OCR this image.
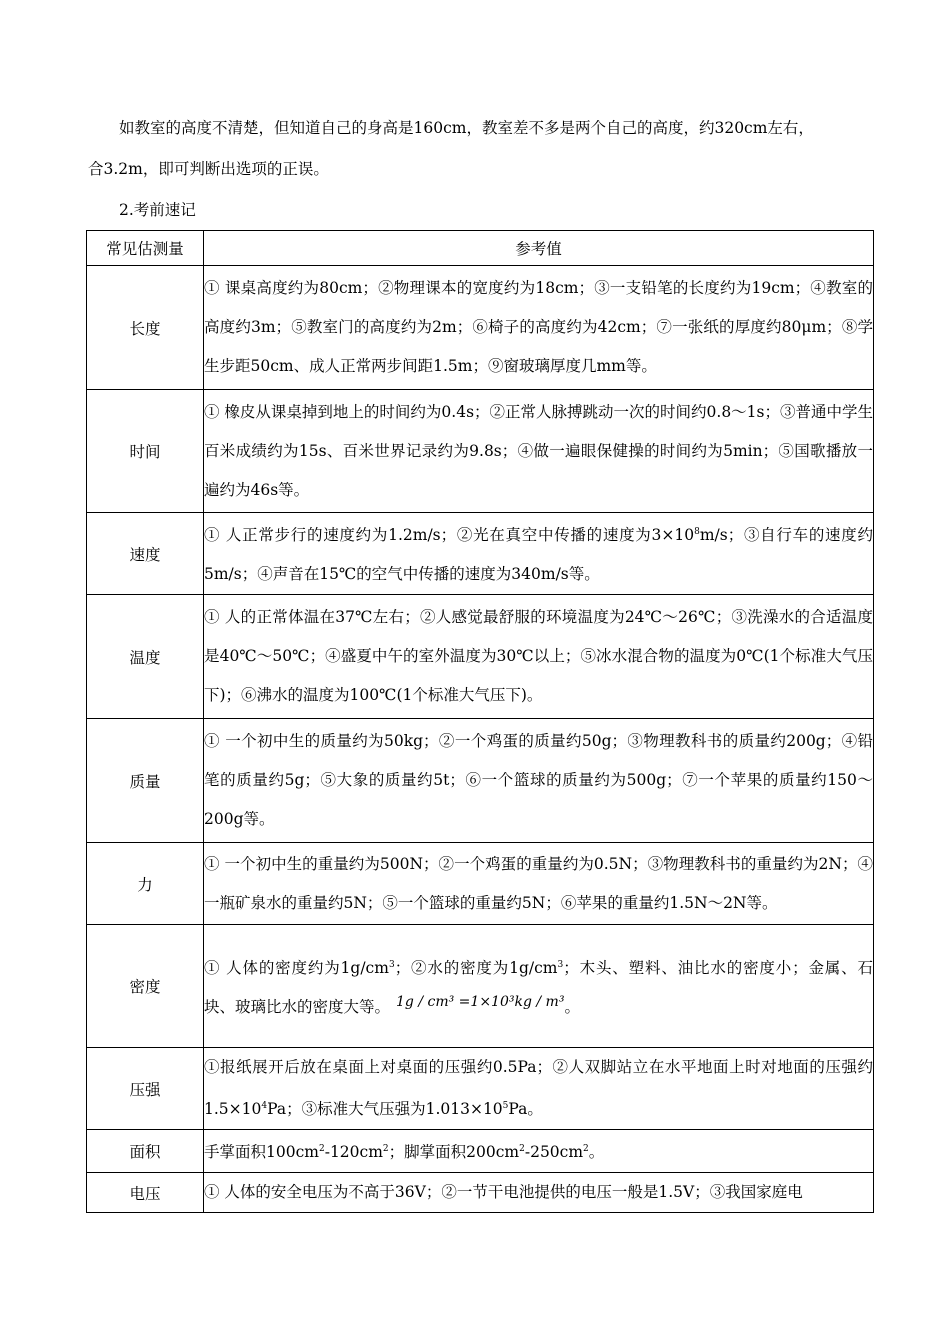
如教室的高度不清楚，但知道自己的身高是160cm，教室差不多是两个自己的高度，约320cm左右，
合3.2m，即可判断出选项的正误。
2.考前速记
常见估测量	参考值
长度	① 课桌高度约为80cm；②物理课本的宽度约为18cm；③一支铅笔的长度约为19cm；④教室的高度约3m；⑤教室门的高度约为2m；⑥椅子的高度约为42cm；⑦一张纸的厚度约80μm；⑧学生步距50cm、成人正常两步间距1.5m；⑨窗玻璃厚度几mm等。
时间	① 橡皮从课桌掉到地上的时间约为0.4s；②正常人脉搏跳动一次的时间约0.8～1s；③普通中学生百米成绩约为15s、百米世界记录约为9.8s；④做一遍眼保健操的时间约为5min；⑤国歌播放一遍约为46s等。
速度	① 人正常步行的速度约为1.2m/s；②光在真空中传播的速度为$3\times 10^8m/s$；③自行车的速度约5m/s；④声音在15℃的空气中传播的速度为340m/s等。
温度	① 人的正常体温在37℃左右；②人感觉最舒服的环境温度为24℃～26℃；③洗澡水的合适温度是40℃～50℃；④盛夏中午的室外温度为30℃以上；⑤冰水混合物的温度为0℃(1个标准大气压下)；⑥沸水的温度为100℃(1个标准大气压下)。
质量	① 一个初中生的质量约为50kg；②一个鸡蛋的质量约50g；③物理教科书的质量约200g；④铅笔的质量约5g；⑤大象的质量约5t；⑥一个篮球的质量约为500g；⑦一个苹果的质量约150～200g等。
力	① 一个初中生的重量约为500N；②一个鸡蛋的重量约为0.5N；③物理教科书的重量约为2N；④一瓶矿泉水的重量约5N；⑤一个篮球的重量约5N；⑥苹果的重量约1.5N～2N等。
密度	① 人体的密度约为$1g/cm^3$；②水的密度为$1g/cm^3$；木头、塑料、油比水的密度小；金属、石块、玻璃比水的密度大等。 1g / cm³ =1×10³kg / m³。
压强	①报纸展开后放在桌面上对桌面的压强约0.5Pa；②人双脚站立在水平地面上时对地面的压强约$1.5\times 10^4Pa$；③标准大气压强为$1.013\times 10^5Pa$。
面积	手掌面积$100cm^2-120cm^2$；脚掌面积$200cm^2-250cm^2$。
电压	① 人体的安全电压为不高于36V；②一节干电池提供的电压一般是1.5V；③我国家庭电
